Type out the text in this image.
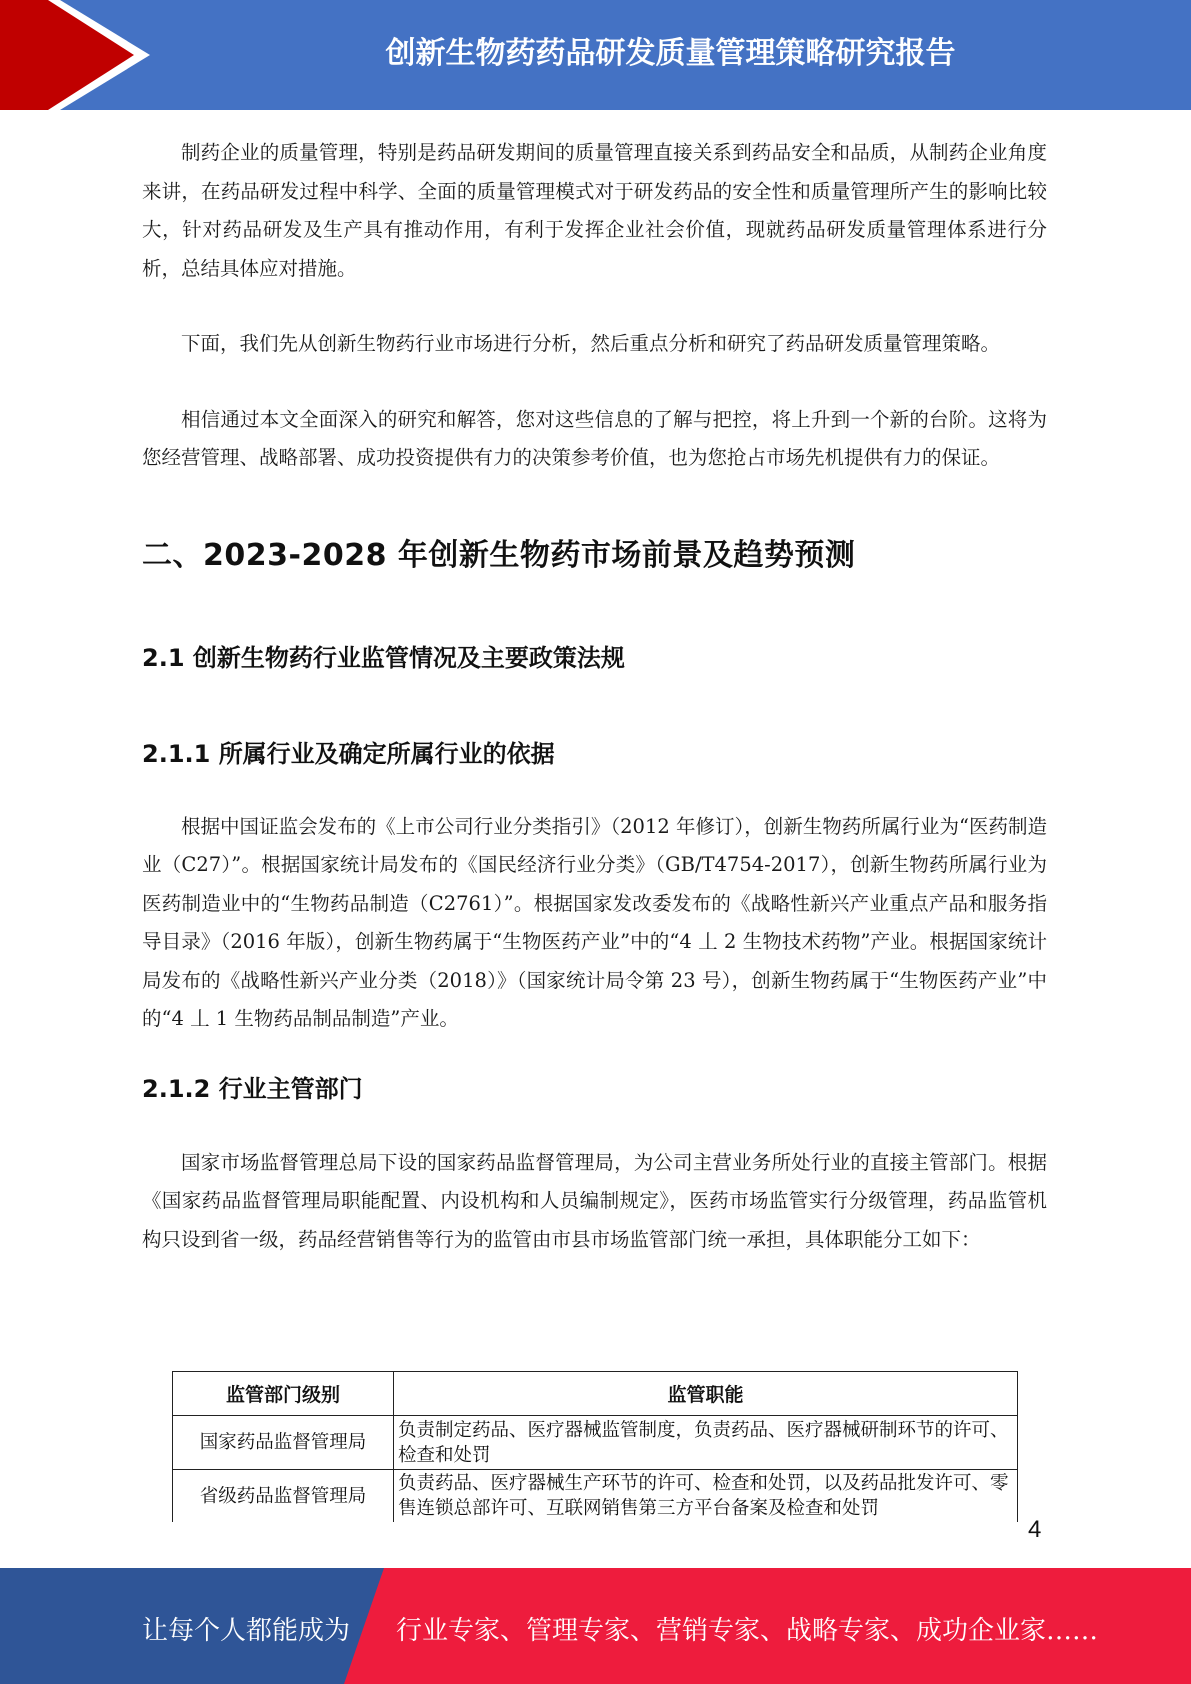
创新生物药药品研发质量管理策略研究报告

制药企业的质量管理，特别是药品研发期间的质量管理直接关系到药品安全和品质，从制药企业角度来讲，在药品研发过程中科学、全面的质量管理模式对于研发药品的安全性和质量管理所产生的影响比较大，针对药品研发及生产具有推动作用，有利于发挥企业社会价值，现就药品研发质量管理体系进行分析，总结具体应对措施。

下面，我们先从创新生物药行业市场进行分析，然后重点分析和研究了药品研发质量管理策略。

相信通过本文全面深入的研究和解答，您对这些信息的了解与把控，将上升到一个新的台阶。这将为您经营管理、战略部署、成功投资提供有力的决策参考价值，也为您抢占市场先机提供有力的保证。

二、2023-2028 年创新生物药市场前景及趋势预测
2.1 创新生物药行业监管情况及主要政策法规
2.1.1 所属行业及确定所属行业的依据

根据中国证监会发布的《上市公司行业分类指引》（2012 年修订），创新生物药所属行业为“医药制造业（C27）”。根据国家统计局发布的《国民经济行业分类》（GB/T4754-2017），创新生物药所属行业为医药制造业中的“生物药品制造（C2761）”。根据国家发改委发布的《战略性新兴产业重点产品和服务指导目录》（2016 年版），创新生物药属于“生物医药产业”中的“4 丄 2 生物技术药物”产业。根据国家统计局发布的《战略性新兴产业分类（2018）》（国家统计局令第 23 号），创新生物药属于“生物医药产业”中的“4 丄 1 生物药品制品制造”产业。

2.1.2 行业主管部门

国家市场监督管理总局下设的国家药品监督管理局，为公司主营业务所处行业的直接主管部门。根据《国家药品监督管理局职能配置、内设机构和人员编制规定》，医药市场监管实行分级管理，药品监管机构只设到省一级，药品经营销售等行为的监管由市县市场监管部门统一承担，具体职能分工如下：

监管部门级别	监管职能
国家药品监督管理局	负责制定药品、医疗器械监管制度，负责药品、医疗器械研制环节的许可、检查和处罚
省级药品监督管理局	负责药品、医疗器械生产环节的许可、检查和处罚，以及药品批发许可、零售连锁总部许可、互联网销售第三方平台备案及检查和处罚
4
让每个人都能成为 行业专家、管理专家、营销专家、战略专家、成功企业家……
